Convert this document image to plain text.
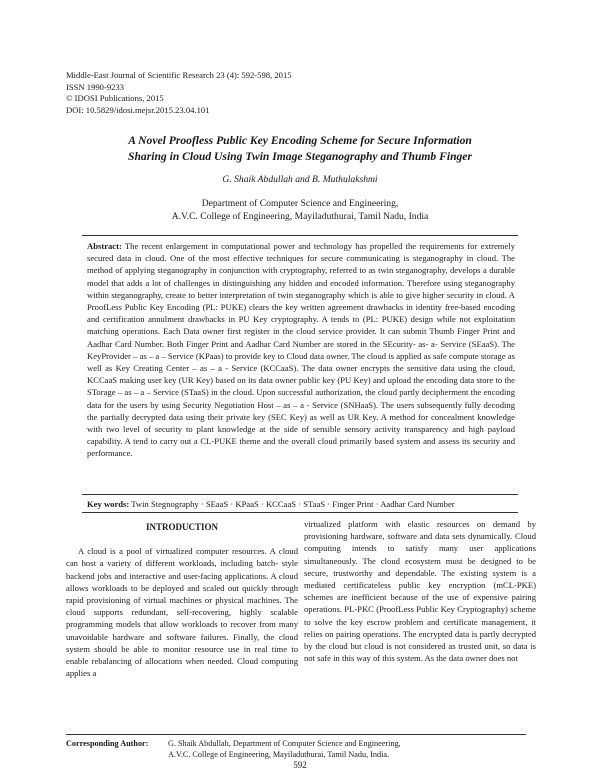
Middle-East Journal of Scientific Research 23 (4): 592-598, 2015
ISSN 1990-9233
© IDOSI Publications, 2015
DOI: 10.5829/idosi.mejsr.2015.23.04.101
A Novel Proofless Public Key Encoding Scheme for Secure Information
Sharing in Cloud Using Twin Image Steganography and Thumb Finger
G. Shaik Abdullah and B. Muthulakshmi
Department of Computer Science and Engineering,
A.V.C. College of Engineering, Mayiladuthurai, Tamil Nadu, India
Abstract: The recent enlargement in computational power and technology has propelled the requirements for extremely secured data in cloud. One of the most effective techniques for secure communicating is steganography in cloud. The method of applying steganography in conjunction with cryptography, referred to as twin steganography, develops a durable model that adds a lot of challenges in distinguishing any hidden and encoded information. Therefore using steganography within steganography, create to better interpretation of twin steganography which is able to give higher security in cloud. A ProofLess Public Key Encoding (PL: PUKE) clears the key written agreement drawbacks in identity free-based encoding and certification annulment drawbacks in PU Key cryptography. A tends to (PL: PUKE) design while not exploitation matching operations. Each Data owner first register in the cloud service provider. It can submit Thumb Finger Print and Aadhar Card Number. Both Finger Print and Aadhar Card Number are stored in the SEcurity- as- a- Service (SEaaS). The KeyProvider – as – a – Service (KPaas) to provide key to Cloud data owner. The cloud is applied as safe compute storage as well as Key Creating Center – as – a - Service (KCCaaS). The data owner encrypts the sensitive data using the cloud, KCCaaS making user key (UR Key) based on its data owner public key (PU Key) and upload the encoding data store to the STorage – as – a – Service (STaaS) in the cloud. Upon successful authorization, the cloud partly decipherment the encoding data for the users by using Security Negotiation Host – as – a - Service (SNHaaS). The users subsequently fully decoding the partially decrypted data using their private key (SEC Key) as well as UR Key. A method for concealment knowledge with two level of security to plant knowledge at the side of sensible sensory activity transparency and high payload capability. A tend to carry out a CL-PUKE theme and the overall cloud primarily based system and assess its security and performance.
Key words: Twin Stegnography · SEaaS · KPaaS · KCCaaS · STaaS · Finger Print · Aadhar Card Number
INTRODUCTION

A cloud is a pool of virtualized computer resources. A cloud can host a variety of different workloads, including batch- style backend jobs and interactive and user-facing applications. A cloud allows workloads to be deployed and scaled out quickly through rapid provisioning of virtual machines or physical machines. The cloud supports redundant, self-recovering, highly scalable programming models that allow workloads to recover from many unavoidable hardware and software failures. Finally, the cloud system should be able to monitor resource use in real time to enable rebalancing of allocations when needed. Cloud computing applies a

virtualized platform with elastic resources on demand by provisioning hardware, software and data sets dynamically. Cloud computing intends to satisfy many user applications simultaneously. The cloud ecosystem must be designed to be secure, trustworthy and dependable. The existing system is a mediated certificateless public key encryption (mCL-PKE) schemes are inefficient because of the use of expensive pairing operations. PL-PKC (ProofLess Public Key Cryptography) scheme to solve the key escrow problem and certificate management, it relies on pairing operations. The encrypted data is partly decrypted by the cloud but cloud is not considered as trusted unit, so data is not safe in this way of this system. As the data owner does not

Corresponding Author: G. Shaik Abdullah, Department of Computer Science and Engineering,
A.V.C. College of Engineering, Mayiladuthurai, Tamil Nadu, India.
592
